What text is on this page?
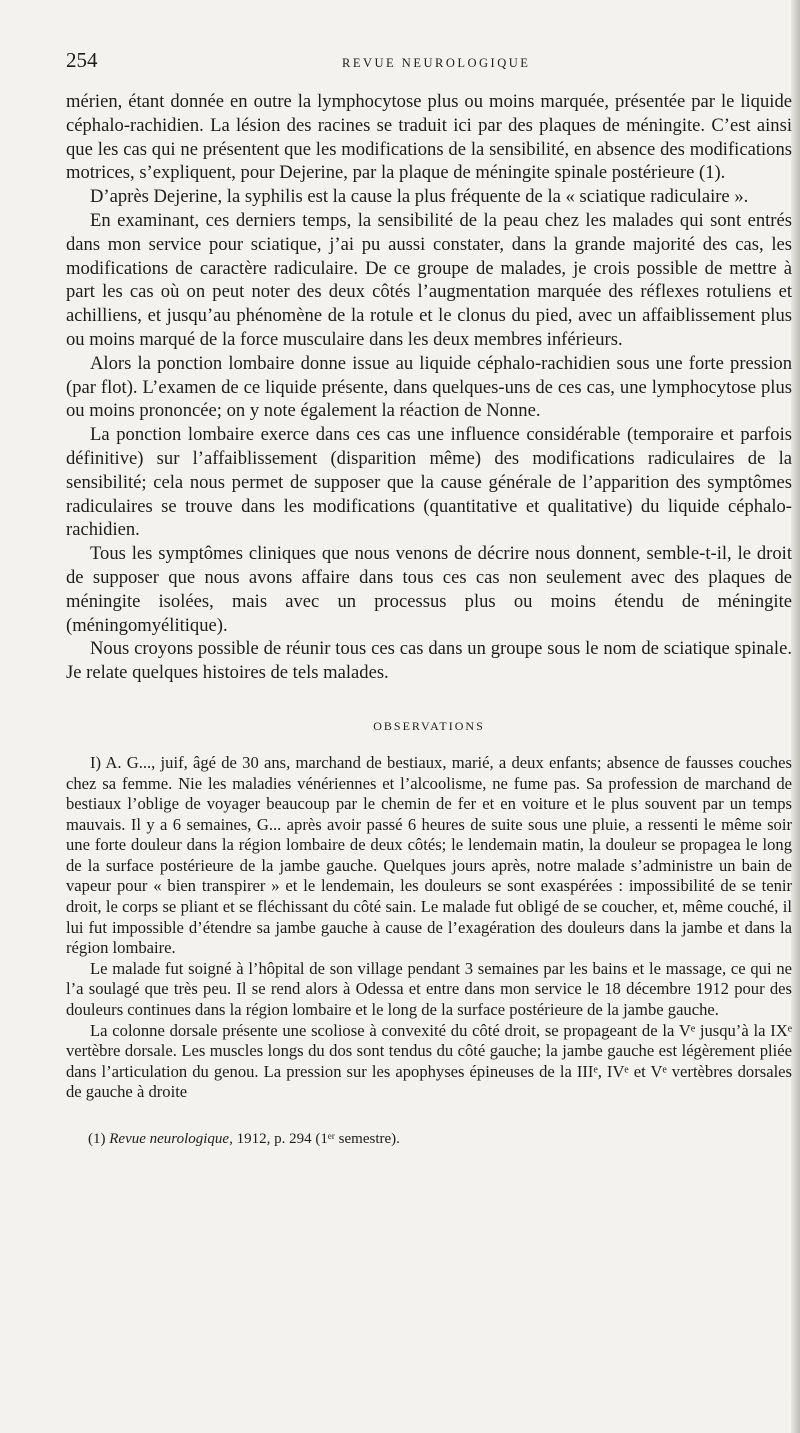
254	REVUE NEUROLOGIQUE

mérien, étant donnée en outre la lymphocytose plus ou moins marquée, présentée par le liquide céphalo-rachidien. La lésion des racines se traduit ici par des plaques de méningite. C’est ainsi que les cas qui ne présentent que les modifications de la sensibilité, en absence des modifications motrices, s’expliquent, pour Dejerine, par la plaque de méningite spinale postérieure (1).

D’après Dejerine, la syphilis est la cause la plus fréquente de la « sciatique radiculaire ».

En examinant, ces derniers temps, la sensibilité de la peau chez les malades qui sont entrés dans mon service pour sciatique, j’ai pu aussi constater, dans la grande majorité des cas, les modifications de caractère radiculaire. De ce groupe de malades, je crois possible de mettre à part les cas où on peut noter des deux côtés l’augmentation marquée des réflexes rotuliens et achilliens, et jusqu’au phénomène de la rotule et le clonus du pied, avec un affaiblissement plus ou moins marqué de la force musculaire dans les deux membres inférieurs.

Alors la ponction lombaire donne issue au liquide céphalo-rachidien sous une forte pression (par flot). L’examen de ce liquide présente, dans quelques-uns de ces cas, une lymphocytose plus ou moins prononcée; on y note également la réaction de Nonne.

La ponction lombaire exerce dans ces cas une influence considérable (temporaire et parfois définitive) sur l’affaiblissement (disparition même) des modifications radiculaires de la sensibilité; cela nous permet de supposer que la cause générale de l’apparition des symptômes radiculaires se trouve dans les modifications (quantitative et qualitative) du liquide céphalo-rachidien.

Tous les symptômes cliniques que nous venons de décrire nous donnent, semble-t-il, le droit de supposer que nous avons affaire dans tous ces cas non seulement avec des plaques de méningite isolées, mais avec un processus plus ou moins étendu de méningite (méningomyélitique).

Nous croyons possible de réunir tous ces cas dans un groupe sous le nom de sciatique spinale. Je relate quelques histoires de tels malades.

OBSERVATIONS

I) A. G..., juif, âgé de 30 ans, marchand de bestiaux, marié, a deux enfants; absence de fausses couches chez sa femme. Nie les maladies vénériennes et l’alcoolisme, ne fume pas. Sa profession de marchand de bestiaux l’oblige de voyager beaucoup par le chemin de fer et en voiture et le plus souvent par un temps mauvais. Il y a 6 semaines, G... après avoir passé 6 heures de suite sous une pluie, a ressenti le même soir une forte douleur dans la région lombaire de deux côtés; le lendemain matin, la douleur se propagea le long de la surface postérieure de la jambe gauche. Quelques jours après, notre malade s’administre un bain de vapeur pour « bien transpirer » et le lendemain, les douleurs se sont exaspérées : impossibilité de se tenir droit, le corps se pliant et se fléchissant du côté sain. Le malade fut obligé de se coucher, et, même couché, il lui fut impossible d’étendre sa jambe gauche à cause de l’exagération des douleurs dans la jambe et dans la région lombaire.

Le malade fut soigné à l’hôpital de son village pendant 3 semaines par les bains et le massage, ce qui ne l’a soulagé que très peu. Il se rend alors à Odessa et entre dans mon service le 18 décembre 1912 pour des douleurs continues dans la région lombaire et le long de la surface postérieure de la jambe gauche.

La colonne dorsale présente une scoliose à convexité du côté droit, se propageant de la Vᵉ jusqu’à la IXᵉ vertèbre dorsale. Les muscles longs du dos sont tendus du côté gauche; la jambe gauche est légèrement pliée dans l’articulation du genou. La pression sur les apophyses épineuses de la IIIᵉ, IVᵉ et Vᵉ vertèbres dorsales de gauche à droite

(1) Revue neurologique, 1912, p. 294 (1ᵉʳ semestre).
